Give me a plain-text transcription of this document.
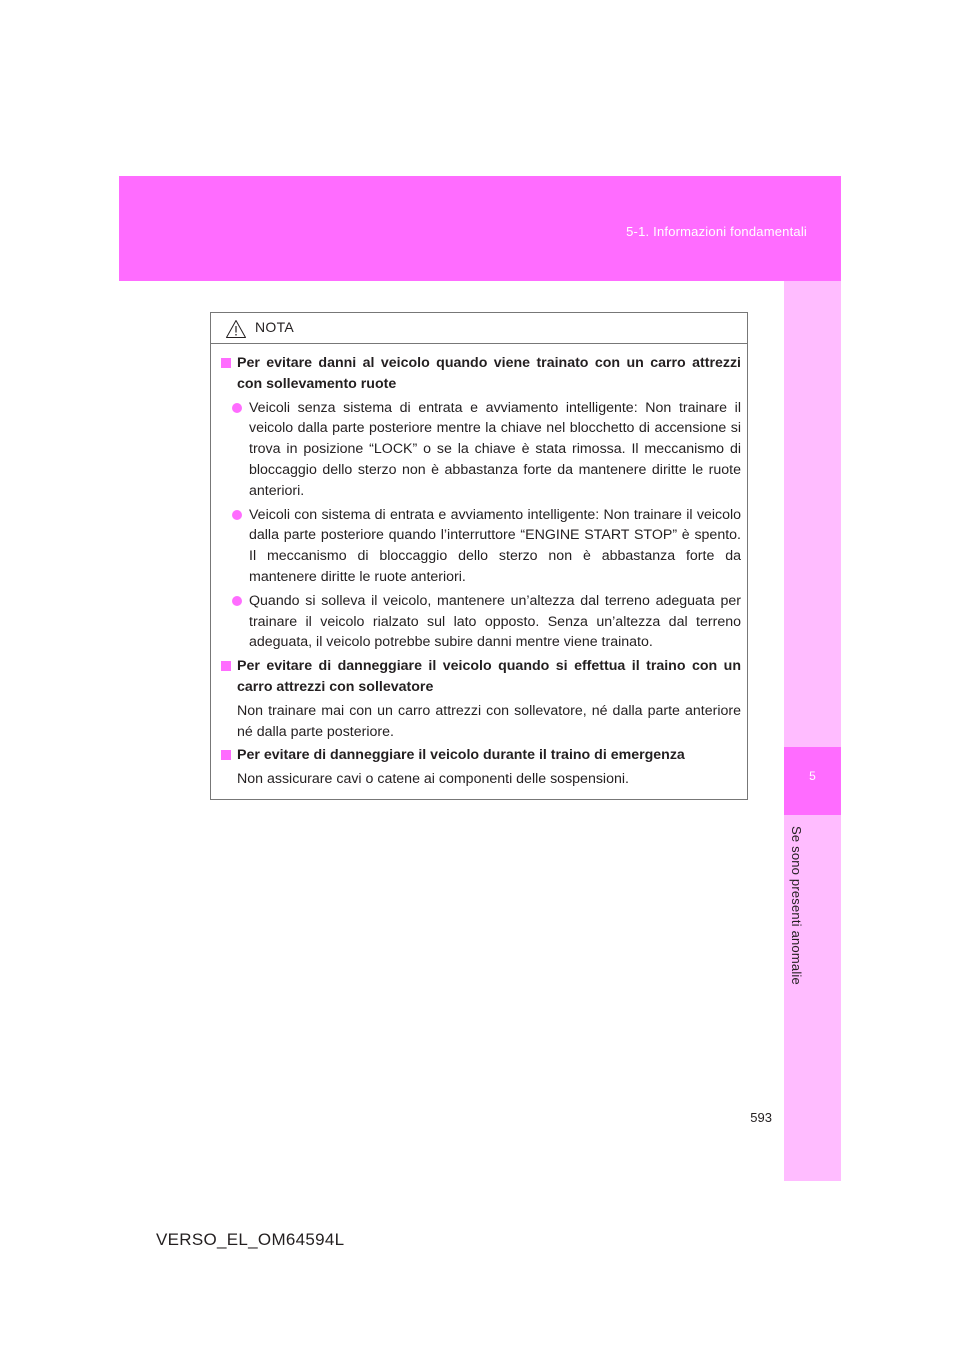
5-1. Informazioni fondamentali
5
Se sono presenti anomalie
NOTA
Per evitare danni al veicolo quando viene trainato con un carro attrezzi con sollevamento ruote
Veicoli senza sistema di entrata e avviamento intelligente: Non trainare il veicolo dalla parte posteriore mentre la chiave nel blocchetto di accensione si trova in posizione “LOCK” o se la chiave è stata rimossa. Il meccanismo di bloccaggio dello sterzo non è abbastanza forte da mantenere diritte le ruote anteriori.
Veicoli con sistema di entrata e avviamento intelligente: Non trainare il veicolo dalla parte posteriore quando l’interruttore “ENGINE START STOP” è spento. Il meccanismo di bloccaggio dello sterzo non è abbastanza forte da mantenere diritte le ruote anteriori.
Quando si solleva il veicolo, mantenere un’altezza dal terreno adeguata per trainare il veicolo rialzato sul lato opposto. Senza un’altezza dal terreno adeguata, il veicolo potrebbe subire danni mentre viene trainato.
Per evitare di danneggiare il veicolo quando si effettua il traino con un carro attrezzi con sollevatore
Non trainare mai con un carro attrezzi con sollevatore, né dalla parte anteriore né dalla parte posteriore.
Per evitare di danneggiare il veicolo durante il traino di emergenza
Non assicurare cavi o catene ai componenti delle sospensioni.
593
VERSO_EL_OM64594L
